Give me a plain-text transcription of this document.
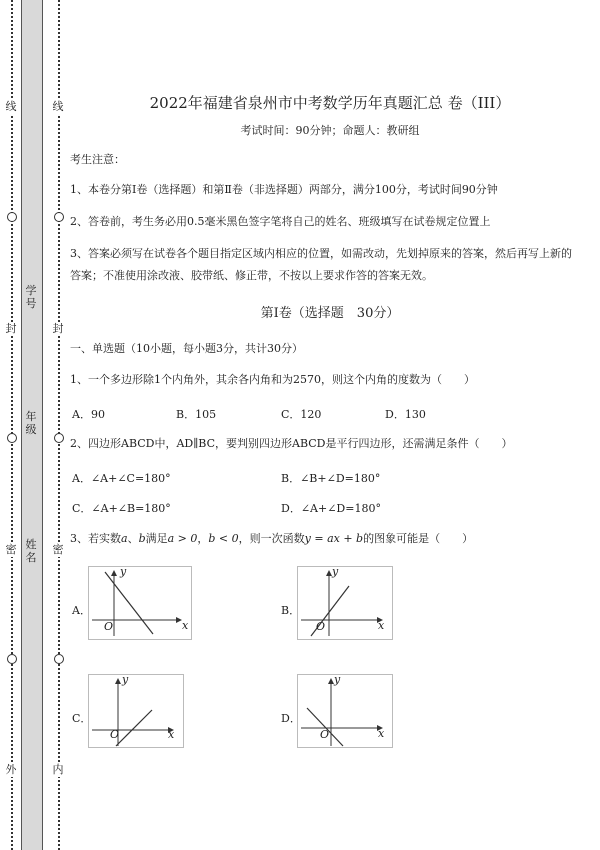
线
封
密
外
线
封
密
内
学号
年级
姓名
2022年福建省泉州市中考数学历年真题汇总 卷（III）
考试时间：90分钟；命题人：教研组
考生注意：
1、本卷分第I卷（选择题）和第Ⅱ卷（非选择题）两部分，满分100分，考试时间90分钟
2、答卷前，考生务必用0.5毫米黑色签字笔将自己的姓名、班级填写在试卷规定位置上
3、答案必须写在试卷各个题目指定区域内相应的位置，如需改动，先划掉原来的答案，然后再写上新的答案；不准使用涂改液、胶带纸、修正带，不按以上要求作答的答案无效。
第I卷（选择题　30分）
一、单选题（10小题，每小题3分，共计30分）
1、一个多边形除1个内角外，其余各内角和为2570，则这个内角的度数为（　　）
A．90	B．105	C．120	D．130
2、四边形ABCD中，AD∥BC，要判别四边形ABCD是平行四边形，还需满足条件（　　）
A．∠A+∠C=180°	B．∠B+∠D=180°
C．∠A+∠B=180°	D．∠A+∠D=180°
3、若实数a、b满足a > 0，b < 0，则一次函数y = ax + b的图象可能是（　　）
A．	B．
C．	D．
y
x
O
y
x
O
y
x
O
y
x
O
